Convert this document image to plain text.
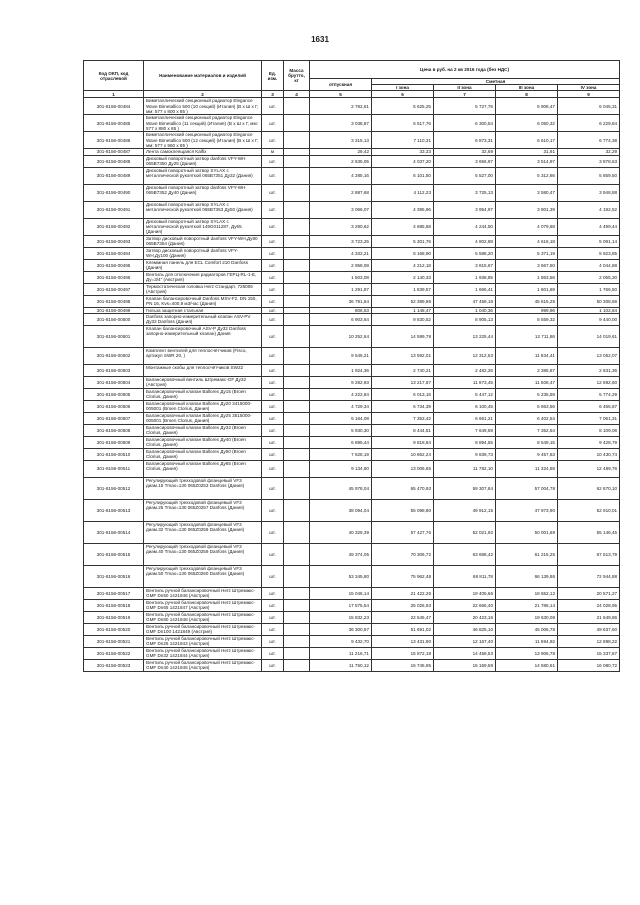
1631
Код ОКП, код отраслевой	Наименование материалов и изделий	Ед. изм.	Масса брутто, кг	Цена в руб. на 2 кв 2016 года (без НДС)				
				отпускная	Сметная			
					I зона	II зона	III зона	IV зона
1	2	3	4	5	6	7	8	9
301-8156-00484	Биметаллический секционный радиатор Elegance Wave Bimetallico 500 (10 секций) (Италия) (В х Ш х Г, мм: 577 х 800 х 85 )	шт.		2 782,61	5 625,25	5 727,76	5 908,47	6 045,31
301-8156-00485	Биметаллический секционный радиатор Elegance Wave Bimetallico (11 секций) (Италия) (В х Ш х Г, мм: 577 х 880 х 85 )	шт.		3 038,87	6 517,76	6 300,54	6 050,32	6 229,84
301-8156-00486	Биметаллический секционный радиатор Elegance Wave Bimetallico 500 (12 секций) (Италия) (В х Ш х Г, мм: 577 х 960 х 85 )	шт.		3 315,13	7 110,31	6 873,31	6 610,17	6 774,38
301-8156-00487	Лента самоклеящаяся Kalfix	м		28,42	33,33	32,69	31,61	32,29
301-8156-00488	Дисковый поворотный затвор danfoss VFY-WH 065B7350 Ду25 (Дания)	шт.		2 635,05	4 037,20	3 656,97	3 514,97	3 878,63
301-8156-00489	Дисковый поворотный затвор SYLAX с металлической рукояткой 065B7351 Ду32 (Дания)	шт.		4 285,16	6 101,50	5 527,00	5 312,66	5 859,50
301-8156-00490	Дисковый поворотный затвор danfoss VFY-WH 065B7352 Ду40 (Дания)	шт.		2 887,68	4 112,23	3 725,13	3 580,47	3 948,88
301-8156-00491	Дисковый поворотный затвор SYLAX с металлической рукояткой 065B7353 Ду50 (Дания)	шт.		3 066,07	4 395,96	3 954,97	3 801,39	4 192,52
301-8156-00492	Дисковый поворотный затвор SYLAX с металлической рукояткой 149G011287, Ду65 (Дания)	шт.		3 290,62	4 685,58	4 244,50	4 079,68	4 499,44
301-8156-00493	Затвор дисковый поворотный danfoss VFY-WH,Ду80 065B7354 (Дания)	шт.		3 723,25	5 301,76	4 802,88	4 616,18	5 091,14
301-8156-00494	Затвор дисковый поворотный danfoss VFY-WH,Ду100 (Дания)	шт.		4 332,21	6 168,90	5 588,20	5 371,19	5 923,85
301-8156-00495	Клеммная панель для ECL Comfort 210 Danfoss (Дания)	шт.		2 958,08	4 212,18	3 815,67	3 667,50	4 044,88
301-8156-00496	Вентиль для отключения радиаторов ГЕРЦ-RL-1-E, Ду=3/4" (Австрия)	шт.		1 503,08	2 140,33	1 938,85	1 863,56	2 055,30
301-8156-00497	Термостатическая головка Herz Стандарт, 726006 (Австрия)	шт.		1 291,87	1 839,57	1 666,41	1 601,69	1 766,50
301-8156-00498	Клапан балансировочный Danfoss MSV-F2, DN 150, PN 16, Kvs=400,9 м3/час (Дания)	шт.		36 791,64	52 389,86	47 458,16	45 615,25	50 308,68
301-8156-00499	Гильза защитная стальная	шт.		806,53	1 148,47	1 040,36	999,96	1 102,84
301-8156-00500	Danfoss запорно-измерительный клапан ASV-PV Ду32 Danfoss (Дания)	шт.		6 903,64	9 830,52	8 905,13	8 559,32	9 440,00
301-8156-00501	Клапан балансировочный ASV-P Ду32 Danfoss запорно-измерительный клапан) Дания	шт.		10 252,64	14 599,78	13 225,44	12 711,86	14 019,61
301-8156-00502	Комплект вентилей для теплосчётчиков (Fisco, артикул SWR 20, )	шт.		9 545,21	13 592,01	12 312,53	11 834,41	13 052,07
301-8156-00503	Монтажные скобы для теплосчётчиков SW22	шт.		1 924,36	2 740,21	2 482,26	2 385,87	2 631,36
301-8156-00504	Балансировочный вентиль Штремакс-GF Ду32 (Австрия)	шт.		9 282,93	13 217,87	11 973,45	11 508,47	12 692,60
301-8156-00505	Балансировочный клапан Ballorex Ду15 (Broen Clorius, Дания)	шт.		4 222,84	6 013,16	5 447,12	5 235,59	5 774,29
301-8156-00506	Балансировочный клапан Ballorex Ду20 3415000-005001 (Broen Clorius, Дания)	шт.		4 729,34	6 734,39	6 100,45	5 863,56	6 466,87
301-8156-00507	Балансировочный клапан Ballorex Ду25 3515000-005001 (Broen Clorius, Дания)	шт.		5 164,08	7 353,42	6 661,21	6 402,54	7 061,31
301-8156-00508	Балансировочный клапан Ballorex Ду32 (Broen Clorius, Дания)	шт.		5 930,30	8 444,51	7 649,59	7 352,54	8 109,06
301-8156-00509	Балансировочный клапан Ballorex Ду40 (Broen Clorius, Дания)	шт.		6 895,44	9 818,84	8 894,55	8 549,15	9 428,79
301-8156-00510	Балансировочный клапан Ballorex Ду50 (Broen Clorius, Дания)	шт.		7 628,19	10 862,24	9 839,73	9 457,63	10 430,74
301-8156-00511	Балансировочный клапан Ballorex Ду65 (Broen Clorius, Дания)	шт.		9 134,60	13 006,65	11 782,10	11 324,58	12 489,76
301-8156-00512	Регулирующий трехходовой фланцевый VF3 диам.15 Tmax=130 065Z0253 Danfoss (Дания)	шт.		45 978,04	65 470,93	59 307,84	57 004,78	62 870,10
301-8156-00513	Регулирующий трехходовой фланцевый VF3 диам.25 Tmax=130 065Z0257 Danfoss (Дания)	шт.		38 094,04	55 098,80	49 912,15	47 973,90	52 910,01
301-8156-00514	Регулирующий трехходовой фланцевый VF3 диам.32 Tmax=130 065Z0258 Danfoss (Дания)	шт.		40 329,39	57 427,76	52 021,92	50 001,69	55 146,45
301-8156-00515	Регулирующий трехходовой фланцевый VF3 диам.40 Tmax=130 065Z0259 Danfoss (Дания)	шт.		49 374,05	70 306,72	63 688,42	61 215,25	67 513,79
301-8156-00516	Регулирующий трехходовой фланцевый VF3 диам.50 Tmax=130 065Z0260 Danfoss (Дания)	шт.		53 345,80	75 962,48	68 811,78	66 139,86	72 944,88
301-8156-00517	Вентиль ручной балансировочный Herz Штремакс-GMF Dn50 1421846 (Австрия)	шт.		15 046,14	21 422,26	19 405,66	18 652,12	20 571,27
301-8156-00518	Вентиль ручной балансировочный Herz Штремакс-GMF Dn65 1421847 (Австрия)	шт.		17 575,54	25 026,93	22 666,40	21 786,14	24 028,95
301-8156-00519	Вентиль ручной балансировочный Herz Штремакс-GMF Dn80 1421848 (Австрия)	шт.		15 832,23	22 545,47	20 423,16	19 630,08	21 649,86
301-8156-00520	Вентиль ручной балансировочный Herz Штремакс-GMF Dn100 1421849 (Австрия)	шт.		36 300,87	51 691,02	46 825,10	45 006,78	49 637,60
301-8156-00521	Вентиль ручной балансировочный Herz Штремакс-GMF Dn25 1421843 (Австрия)	шт.		9 432,70	13 431,80	12 167,40	11 694,92	12 898,22
301-8156-00522	Вентиль ручной балансировочный Herz Штремакс-GMF Dn32 1421844 (Австрия)	шт.		11 216,71	15 872,18	14 458,53	13 906,78	15 337,67
301-8156-00523	Вентиль ручной балансировочный Herz Штремакс-GMF Dn40 1421845 (Австрия)	шт.		11 750,12	16 745,95	15 169,58	14 580,51	16 080,72
